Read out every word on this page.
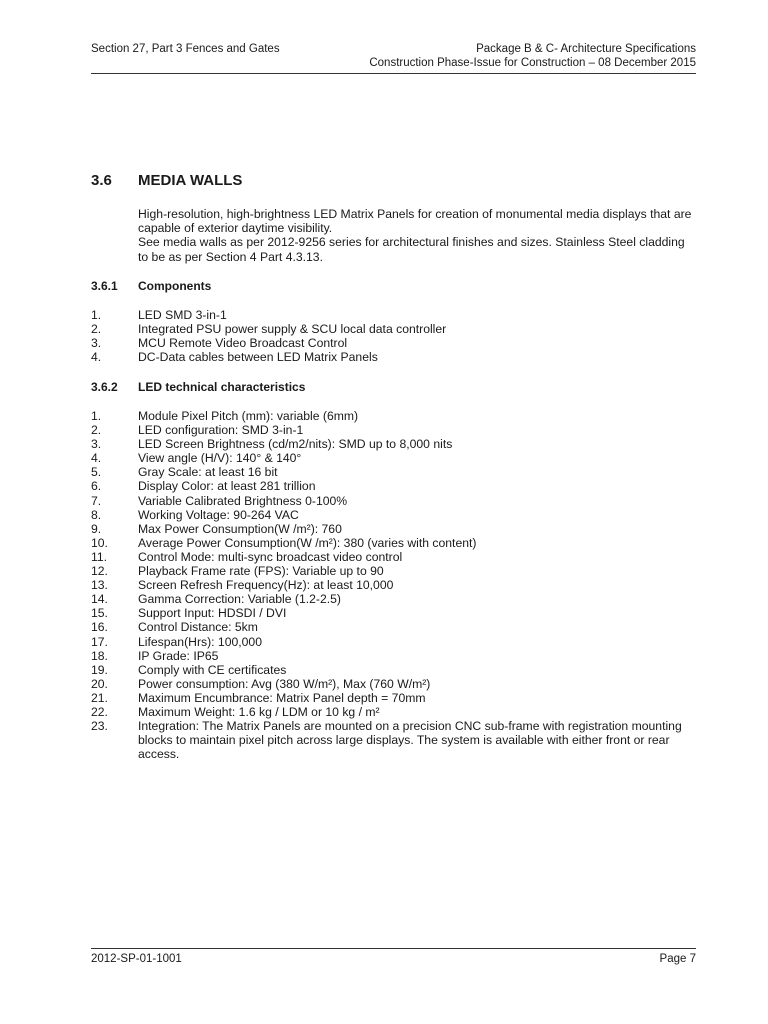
Section 27, Part 3 Fences and Gates	Package B & C- Architecture Specifications
Construction Phase-Issue for Construction – 08 December 2015
3.6 MEDIA WALLS

High-resolution, high-brightness LED Matrix Panels for creation of monumental media displays that are capable of exterior daytime visibility.

See media walls as per 2012-9256 series for architectural finishes and sizes. Stainless Steel cladding to be as per Section 4 Part 4.3.13.

3.6.1 Components
1.	LED SMD 3-in-1
2.	Integrated PSU power supply & SCU local data controller
3.	MCU Remote Video Broadcast Control
4.	DC-Data cables between LED Matrix Panels
3.6.2 LED technical characteristics
1.	Module Pixel Pitch (mm): variable (6mm)
2.	LED configuration: SMD 3-in-1
3.	LED Screen Brightness (cd/m2/nits): SMD up to 8,000 nits
4.	View angle (H/V): 140° & 140°
5.	Gray Scale: at least 16 bit
6.	Display Color: at least 281 trillion
7.	Variable Calibrated Brightness 0-100%
8.	Working Voltage: 90-264 VAC
9.	Max Power Consumption(W /m²): 760
10.	Average Power Consumption(W /m²): 380 (varies with content)
11.	Control Mode: multi-sync broadcast video control
12.	Playback Frame rate (FPS): Variable up to 90
13.	Screen Refresh Frequency(Hz): at least 10,000
14.	Gamma Correction: Variable (1.2-2.5)
15.	Support Input: HDSDI / DVI
16.	Control Distance: 5km
17.	Lifespan(Hrs): 100,000
18.	IP Grade: IP65
19.	Comply with CE certificates
20.	Power consumption: Avg (380 W/m²), Max (760 W/m²)
21.	Maximum Encumbrance: Matrix Panel depth = 70mm
22.	Maximum Weight: 1.6 kg / LDM or 10 kg / m²
23.	Integration: The Matrix Panels are mounted on a precision CNC sub-frame with registration mounting blocks to maintain pixel pitch across large displays. The system is available with either front or rear access.
2012-SP-01-1001	Page 7
